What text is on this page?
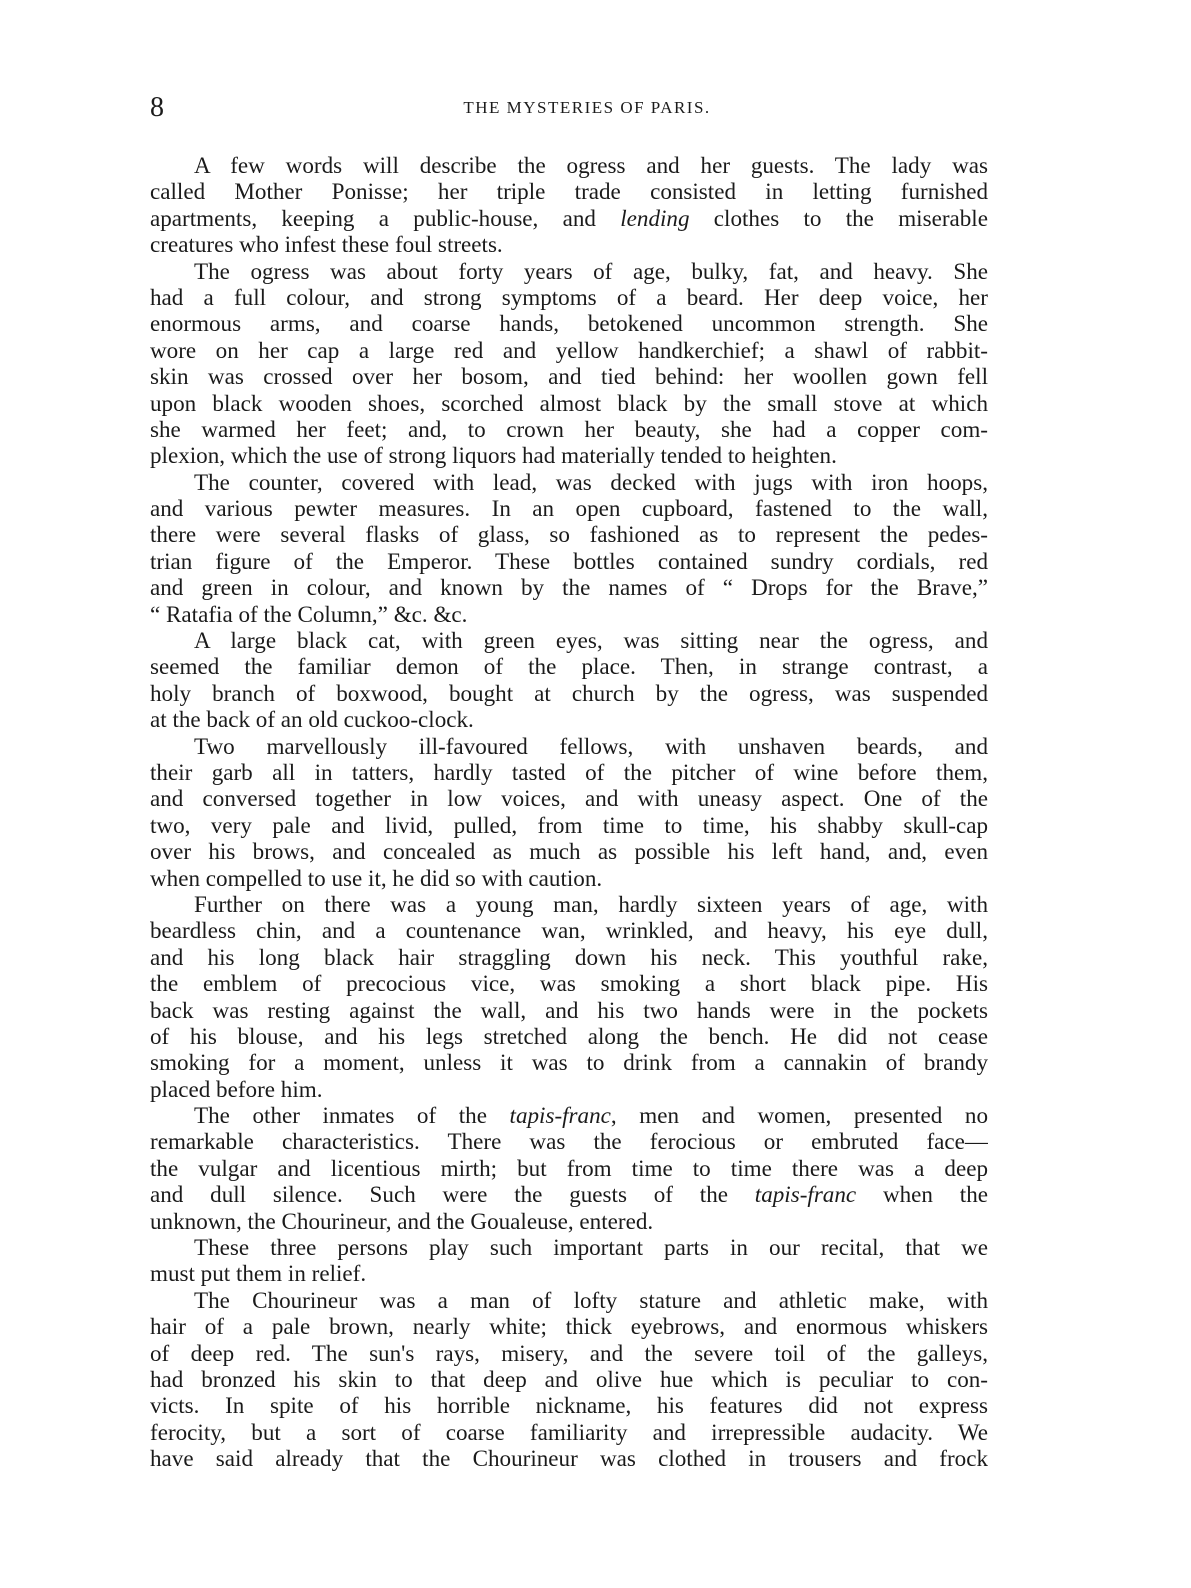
8	THE MYSTERIES OF PARIS.
A few words will describe the ogress and her guests. The lady was
called Mother Ponisse; her triple trade consisted in letting furnished
apartments, keeping a public-house, and lending clothes to the miserable
creatures who infest these foul streets.
The ogress was about forty years of age, bulky, fat, and heavy. She
had a full colour, and strong symptoms of a beard. Her deep voice, her
enormous arms, and coarse hands, betokened uncommon strength. She
wore on her cap a large red and yellow handkerchief; a shawl of rabbit-
skin was crossed over her bosom, and tied behind: her woollen gown fell
upon black wooden shoes, scorched almost black by the small stove at which
she warmed her feet; and, to crown her beauty, she had a copper com-
plexion, which the use of strong liquors had materially tended to heighten.
The counter, covered with lead, was decked with jugs with iron hoops,
and various pewter measures. In an open cupboard, fastened to the wall,
there were several flasks of glass, so fashioned as to represent the pedes-
trian figure of the Emperor. These bottles contained sundry cordials, red
and green in colour, and known by the names of “ Drops for the Brave,”
“ Ratafia of the Column,” &c. &c.
A large black cat, with green eyes, was sitting near the ogress, and
seemed the familiar demon of the place. Then, in strange contrast, a
holy branch of boxwood, bought at church by the ogress, was suspended
at the back of an old cuckoo-clock.
Two marvellously ill-favoured fellows, with unshaven beards, and
their garb all in tatters, hardly tasted of the pitcher of wine before them,
and conversed together in low voices, and with uneasy aspect. One of the
two, very pale and livid, pulled, from time to time, his shabby skull-cap
over his brows, and concealed as much as possible his left hand, and, even
when compelled to use it, he did so with caution.
Further on there was a young man, hardly sixteen years of age, with
beardless chin, and a countenance wan, wrinkled, and heavy, his eye dull,
and his long black hair straggling down his neck. This youthful rake,
the emblem of precocious vice, was smoking a short black pipe. His
back was resting against the wall, and his two hands were in the pockets
of his blouse, and his legs stretched along the bench. He did not cease
smoking for a moment, unless it was to drink from a cannakin of brandy
placed before him.
The other inmates of the tapis-franc, men and women, presented no
remarkable characteristics. There was the ferocious or embruted face—
the vulgar and licentious mirth; but from time to time there was a deep
and dull silence. Such were the guests of the tapis-franc when the
unknown, the Chourineur, and the Goualeuse, entered.
These three persons play such important parts in our recital, that we
must put them in relief.
The Chourineur was a man of lofty stature and athletic make, with
hair of a pale brown, nearly white; thick eyebrows, and enormous whiskers
of deep red. The sun's rays, misery, and the severe toil of the galleys,
had bronzed his skin to that deep and olive hue which is peculiar to con-
victs. In spite of his horrible nickname, his features did not express
ferocity, but a sort of coarse familiarity and irrepressible audacity. We
have said already that the Chourineur was clothed in trousers and frock
